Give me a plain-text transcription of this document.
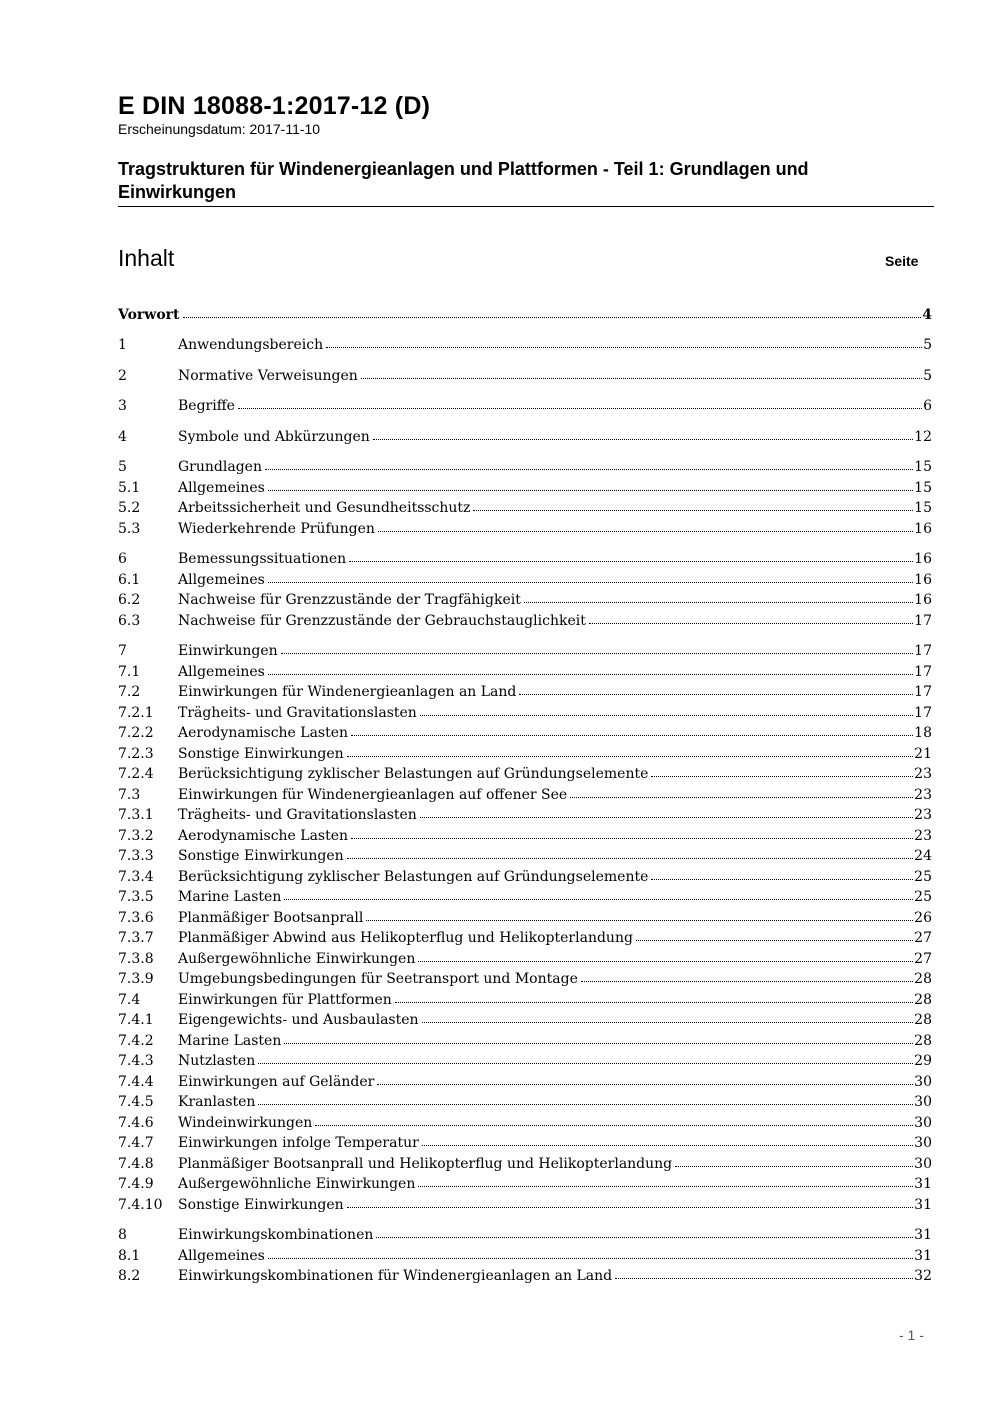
E DIN 18088-1:2017-12 (D)
Erscheinungsdatum: 2017-11-10
Tragstrukturen für Windenergieanlagen und Plattformen - Teil 1: Grundlagen und Einwirkungen
Inhalt	Seite
Vorwort	4
1	Anwendungsbereich	5
2	Normative Verweisungen	5
3	Begriffe	6
4	Symbole und Abkürzungen	12
5	Grundlagen	15
5.1	Allgemeines	15
5.2	Arbeitssicherheit und Gesundheitsschutz	15
5.3	Wiederkehrende Prüfungen	16
6	Bemessungssituationen	16
6.1	Allgemeines	16
6.2	Nachweise für Grenzzustände der Tragfähigkeit	16
6.3	Nachweise für Grenzzustände der Gebrauchstauglichkeit	17
7	Einwirkungen	17
7.1	Allgemeines	17
7.2	Einwirkungen für Windenergieanlagen an Land	17
7.2.1	Trägheits- und Gravitationslasten	17
7.2.2	Aerodynamische Lasten	18
7.2.3	Sonstige Einwirkungen	21
7.2.4	Berücksichtigung zyklischer Belastungen auf Gründungselemente	23
7.3	Einwirkungen für Windenergieanlagen auf offener See	23
7.3.1	Trägheits- und Gravitationslasten	23
7.3.2	Aerodynamische Lasten	23
7.3.3	Sonstige Einwirkungen	24
7.3.4	Berücksichtigung zyklischer Belastungen auf Gründungselemente	25
7.3.5	Marine Lasten	25
7.3.6	Planmäßiger Bootsanprall	26
7.3.7	Planmäßiger Abwind aus Helikopterflug und Helikopterlandung	27
7.3.8	Außergewöhnliche Einwirkungen	27
7.3.9	Umgebungsbedingungen für Seetransport und Montage	28
7.4	Einwirkungen für Plattformen	28
7.4.1	Eigengewichts- und Ausbaulasten	28
7.4.2	Marine Lasten	28
7.4.3	Nutzlasten	29
7.4.4	Einwirkungen auf Geländer	30
7.4.5	Kranlasten	30
7.4.6	Windeinwirkungen	30
7.4.7	Einwirkungen infolge Temperatur	30
7.4.8	Planmäßiger Bootsanprall und Helikopterflug und Helikopterlandung	30
7.4.9	Außergewöhnliche Einwirkungen	31
7.4.10	Sonstige Einwirkungen	31
8	Einwirkungskombinationen	31
8.1	Allgemeines	31
8.2	Einwirkungskombinationen für Windenergieanlagen an Land	32
- 1 -
